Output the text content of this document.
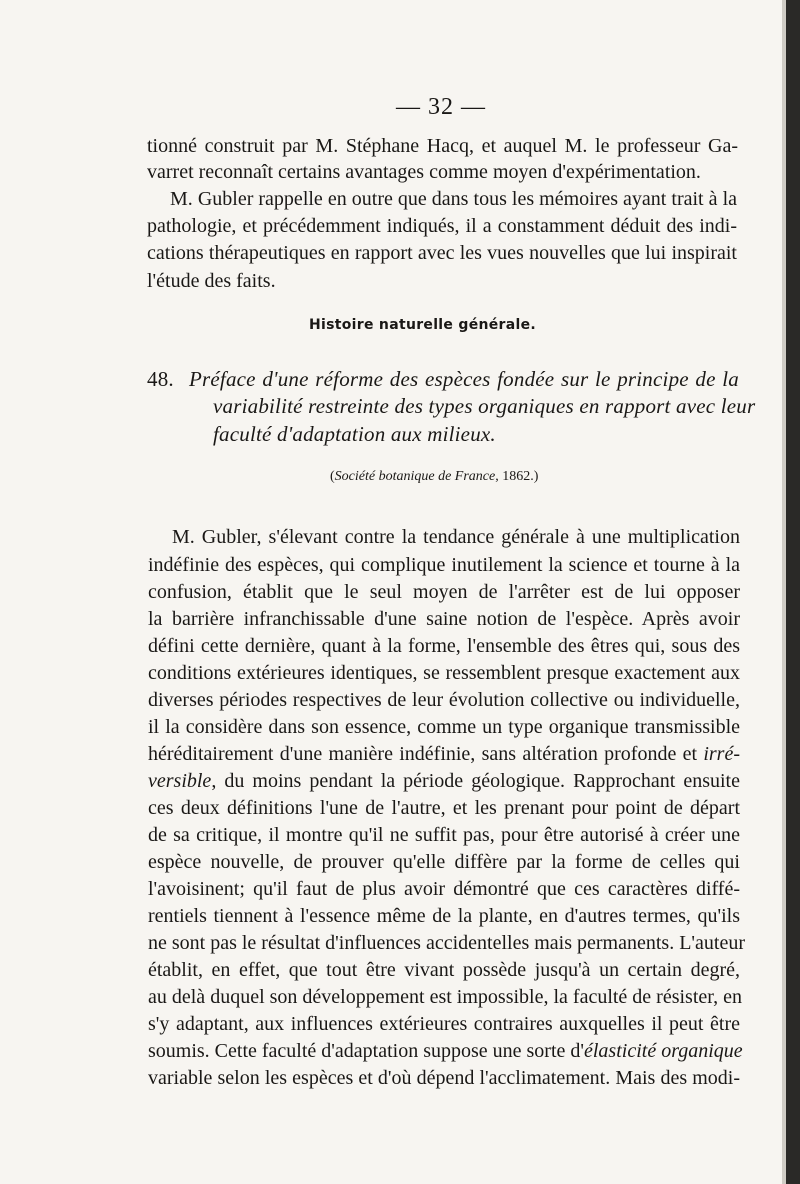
— 32 —

tionné construit par M. Stéphane Hacq, et auquel M. le professeur Ga-

varret reconnaît certains avantages comme moyen d'expérimentation.

M. Gubler rappelle en outre que dans tous les mémoires ayant trait à la

pathologie, et précédemment indiqués, il a constamment déduit des indi-

cations thérapeutiques en rapport avec les vues nouvelles que lui inspirait

l'étude des faits.

Histoire naturelle générale.

48. Préface d'une réforme des espèces fondée sur le principe de la

variabilité restreinte des types organiques en rapport avec leur

faculté d'adaptation aux milieux.

(Société botanique de France, 1862.)

M. Gubler, s'élevant contre la tendance générale à une multiplication

indéfinie des espèces, qui complique inutilement la science et tourne à la

confusion, établit que le seul moyen de l'arrêter est de lui opposer

la barrière infranchissable d'une saine notion de l'espèce. Après avoir

défini cette dernière, quant à la forme, l'ensemble des êtres qui, sous des

conditions extérieures identiques, se ressemblent presque exactement aux

diverses périodes respectives de leur évolution collective ou individuelle,

il la considère dans son essence, comme un type organique transmissible

héréditairement d'une manière indéfinie, sans altération profonde et irré-

versible, du moins pendant la période géologique. Rapprochant ensuite

ces deux définitions l'une de l'autre, et les prenant pour point de départ

de sa critique, il montre qu'il ne suffit pas, pour être autorisé à créer une

espèce nouvelle, de prouver qu'elle diffère par la forme de celles qui

l'avoisinent; qu'il faut de plus avoir démontré que ces caractères diffé-

rentiels tiennent à l'essence même de la plante, en d'autres termes, qu'ils

ne sont pas le résultat d'influences accidentelles mais permanents. L'auteur

établit, en effet, que tout être vivant possède jusqu'à un certain degré,

au delà duquel son développement est impossible, la faculté de résister, en

s'y adaptant, aux influences extérieures contraires auxquelles il peut être

soumis. Cette faculté d'adaptation suppose une sorte d'élasticité organique

variable selon les espèces et d'où dépend l'acclimatement. Mais des modi-
